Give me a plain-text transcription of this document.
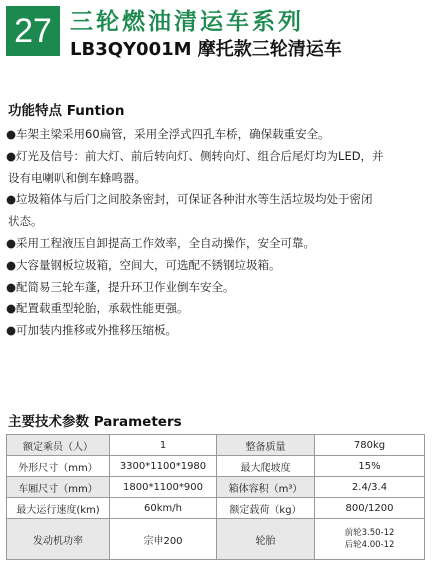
27 三轮燃油清运车系列
LB3QY001M 摩托款三轮清运车
功能特点 Funtion
●车架主梁采用60扁管，采用全浮式四孔车桥，确保载重安全。
●灯光及信号：前大灯、前后转向灯、侧转向灯、组合后尾灯均为LED，并
设有电喇叭和倒车蜂鸣器。
●垃圾箱体与后门之间胶条密封，可保证各种泔水等生活垃圾均处于密闭
状态。
●采用工程液压自卸提高工作效率，全自动操作，安全可靠。
●大容量钢板垃圾箱，空间大，可选配不锈钢垃圾箱。
●配简易三轮车蓬，提升环卫作业倒车安全。
●配置载重型轮胎，承载性能更强。
●可加装内推移或外推移压缩板。
主要技术参数 Parameters
额定乘员（人）	1	整备质量	780kg
外形尺寸（mm）	3300*1100*1980	最大爬坡度	15%
车厢尺寸（mm）	1800*1100*900	箱体容积（m³）	2.4/3.4
最大运行速度(km)	60km/h	额定载荷（kg）	800/1200
发动机功率	宗申200	轮胎	前轮3.50-12
后轮4.00-12
